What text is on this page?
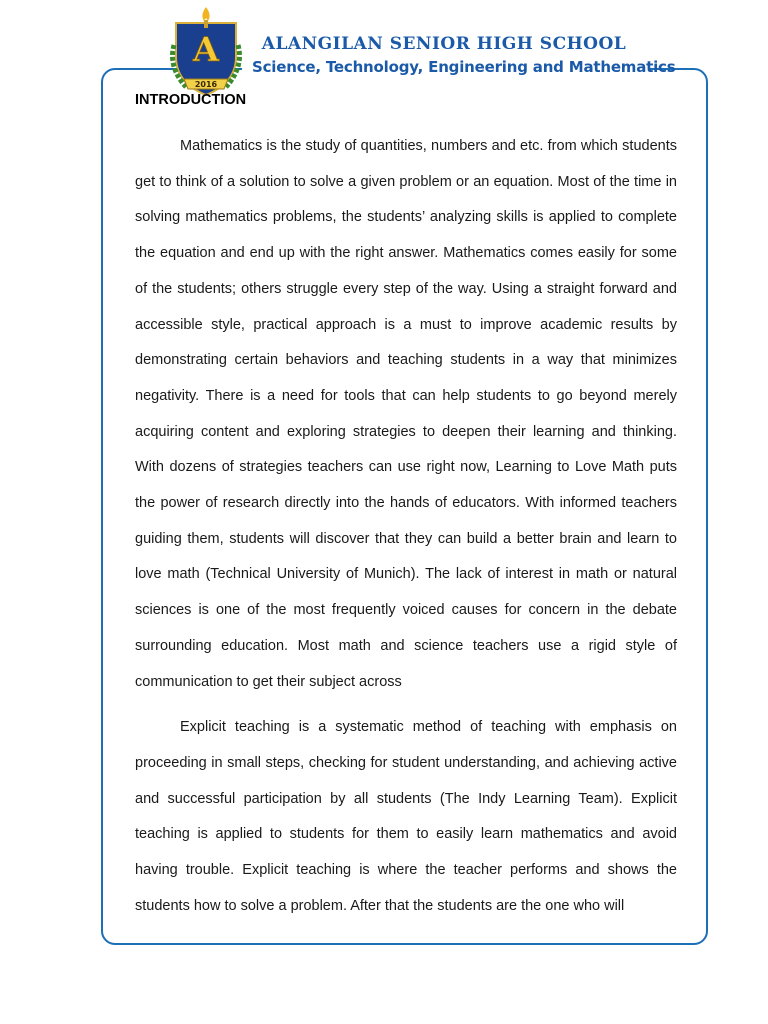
A
2016
ALANGILAN SENIOR HIGH SCHOOL
Science, Technology, Engineering and Mathematics
INTRODUCTION

Mathematics is the study of quantities, numbers and etc. from which students get to think of a solution to solve a given problem or an equation. Most of the time in solving mathematics problems, the students’ analyzing skills is applied to complete the equation and end up with the right answer. Mathematics comes easily for some of the students; others struggle every step of the way. Using a straight forward and accessible style, practical approach is a must to improve academic results by demonstrating certain behaviors and teaching students in a way that minimizes negativity. There is a need for tools that can help students to go beyond merely acquiring content and exploring strategies to deepen their learning and thinking. With dozens of strategies teachers can use right now, Learning to Love Math puts the power of research directly into the hands of educators. With informed teachers guiding them, students will discover that they can build a better brain and learn to love math (Technical University of Munich). The lack of interest in math or natural sciences is one of the most frequently voiced causes for concern in the debate surrounding education. Most math and science teachers use a rigid style of communication to get their subject across

Explicit teaching is a systematic method of teaching with emphasis on proceeding in small steps, checking for student understanding, and achieving active and successful participation by all students (The Indy Learning Team). Explicit teaching is applied to students for them to easily learn mathematics and avoid having trouble. Explicit teaching is where the teacher performs and shows the students how to solve a problem. After that the students are the one who will
